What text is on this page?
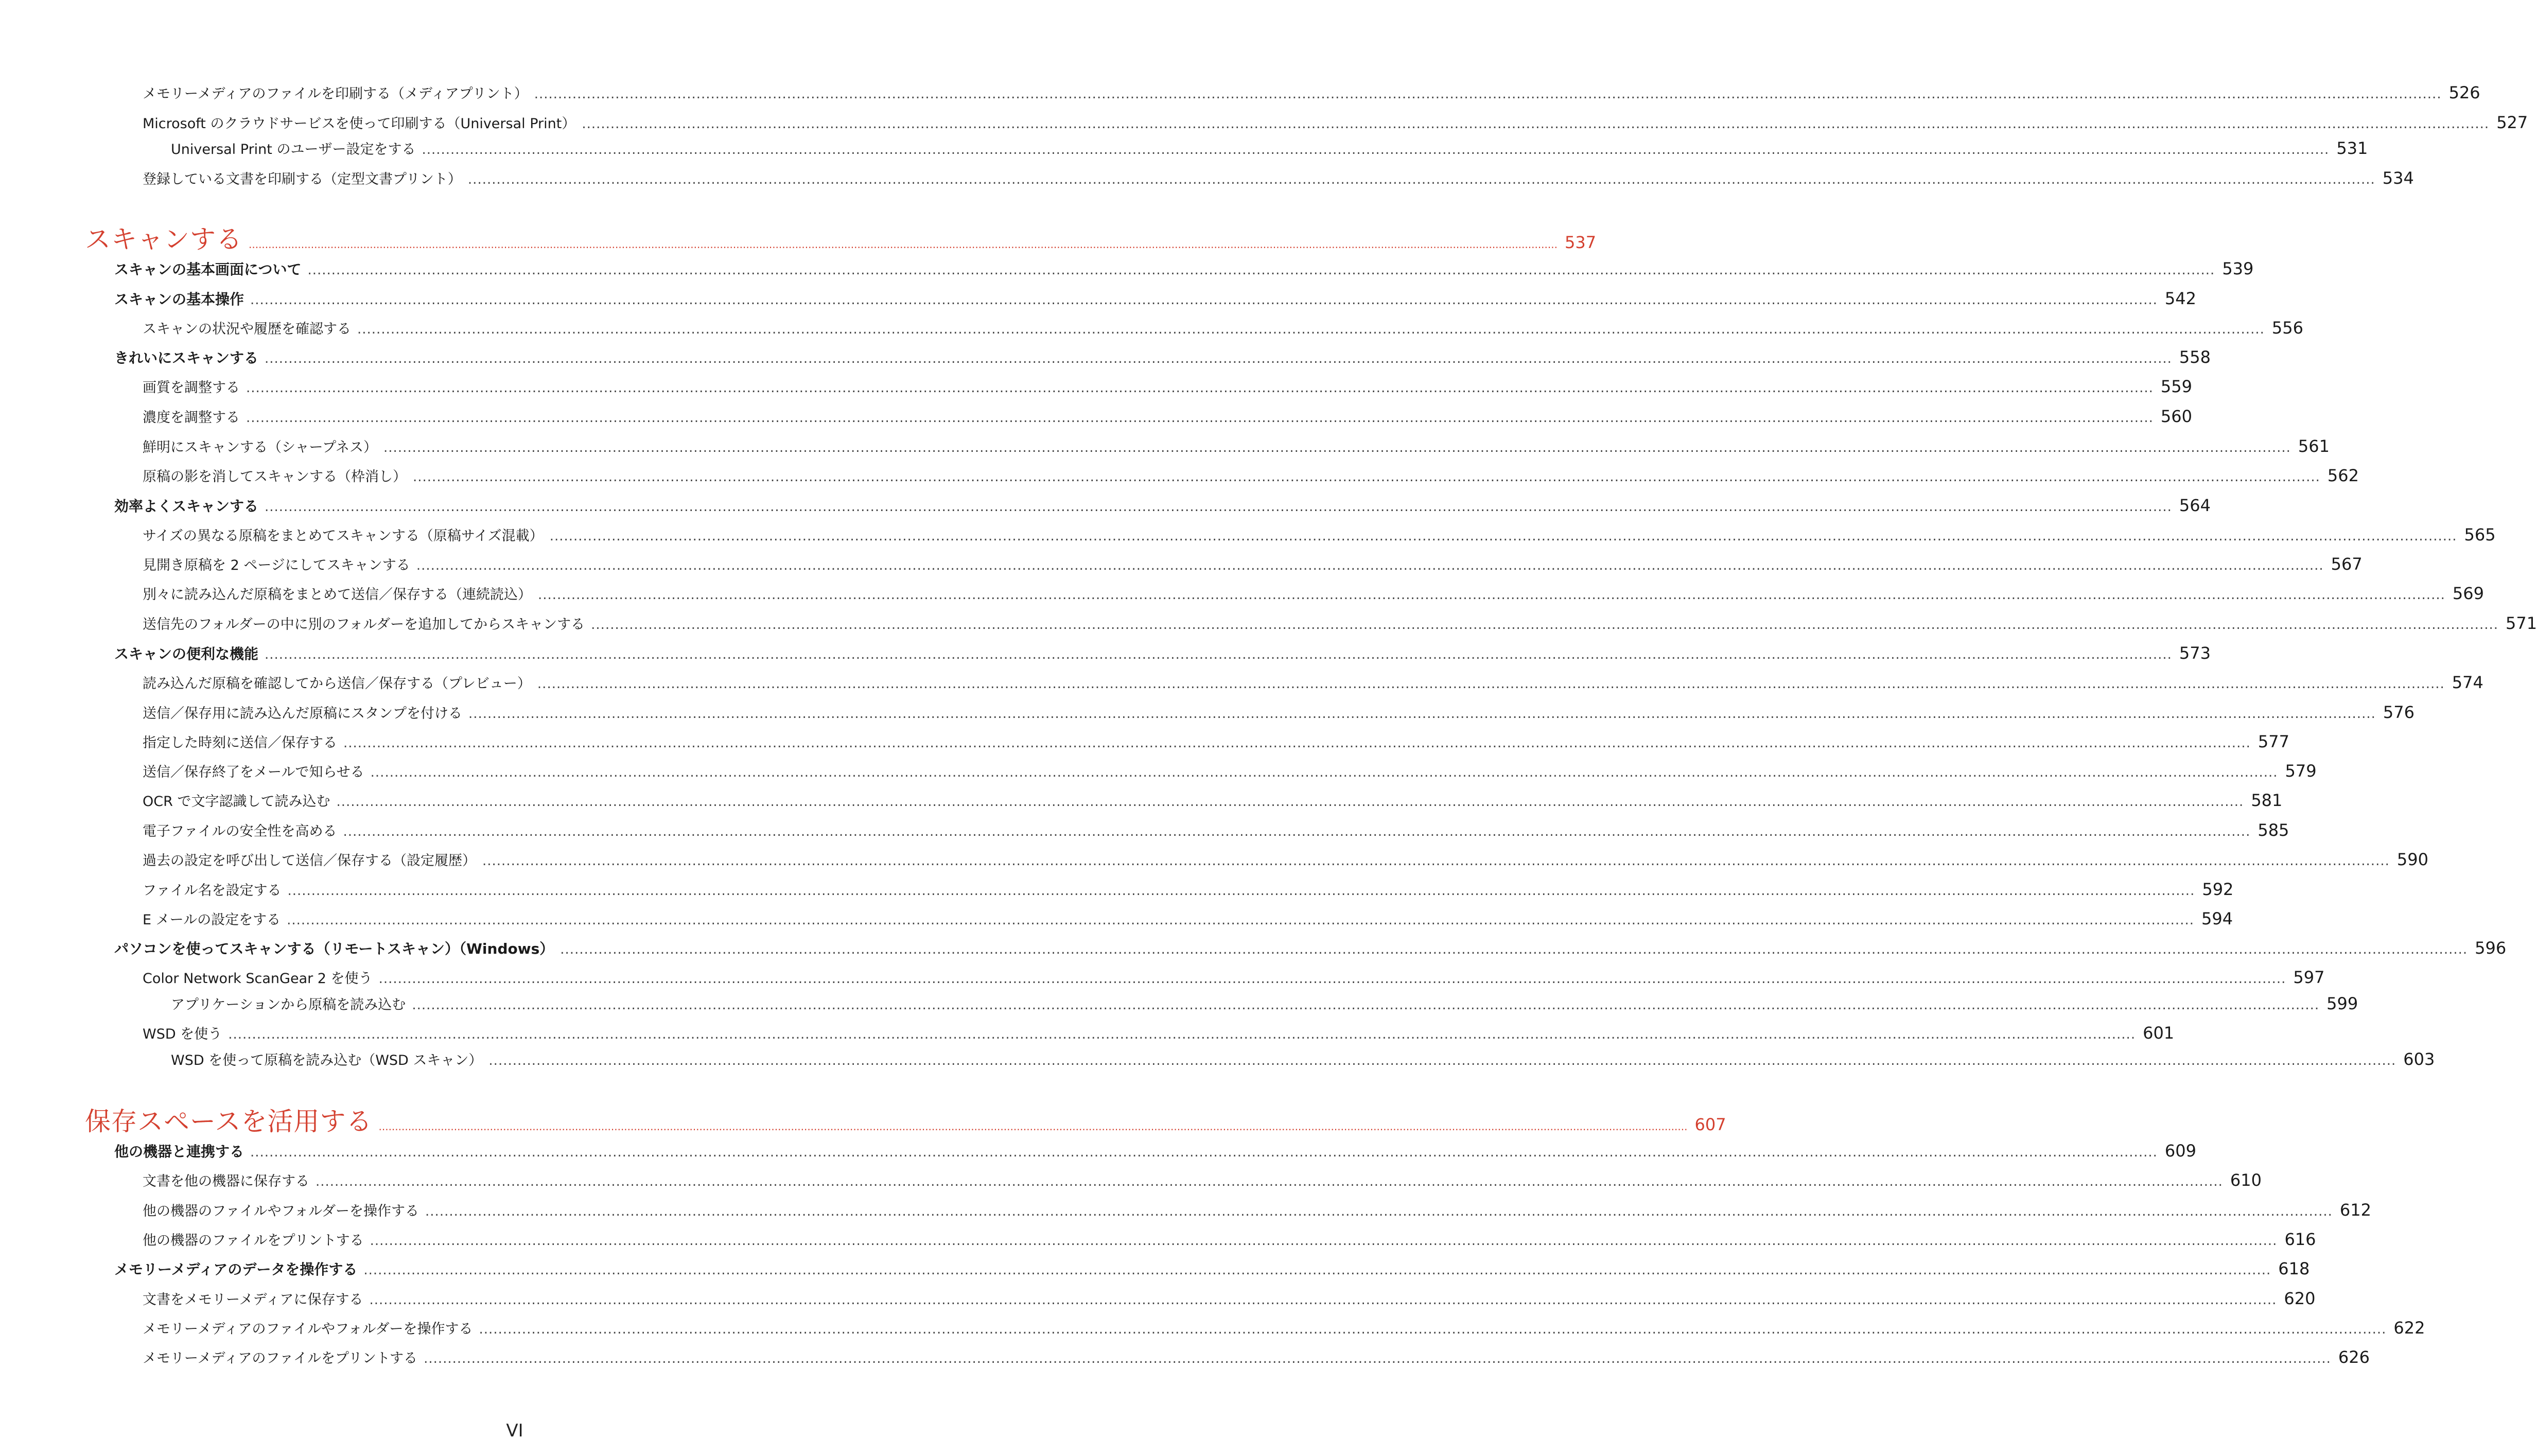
メモリーメディアのファイルを印刷する（メディアプリント） ................................................................................................................................................................................................................................................................................................................................................................................................................ 526
Microsoft のクラウドサービスを使って印刷する（Universal Print） ................................................................................................................................................................................................................................................................................................................................................................................................................ 527
Universal Print のユーザー設定をする ................................................................................................................................................................................................................................................................................................................................................................................................................ 531
登録している文書を印刷する（定型文書プリント） ................................................................................................................................................................................................................................................................................................................................................................................................................ 534
スキャンする ................................................................................................................................................................................................................................................................................................................................................................................................................ 537
スキャンの基本画面について ................................................................................................................................................................................................................................................................................................................................................................................................................ 539
スキャンの基本操作 ................................................................................................................................................................................................................................................................................................................................................................................................................ 542
スキャンの状況や履歴を確認する ................................................................................................................................................................................................................................................................................................................................................................................................................ 556
きれいにスキャンする ................................................................................................................................................................................................................................................................................................................................................................................................................ 558
画質を調整する ................................................................................................................................................................................................................................................................................................................................................................................................................ 559
濃度を調整する ................................................................................................................................................................................................................................................................................................................................................................................................................ 560
鮮明にスキャンする（シャープネス） ................................................................................................................................................................................................................................................................................................................................................................................................................ 561
原稿の影を消してスキャンする（枠消し） ................................................................................................................................................................................................................................................................................................................................................................................................................ 562
効率よくスキャンする ................................................................................................................................................................................................................................................................................................................................................................................................................ 564
サイズの異なる原稿をまとめてスキャンする（原稿サイズ混載） ................................................................................................................................................................................................................................................................................................................................................................................................................ 565
見開き原稿を 2 ページにしてスキャンする ................................................................................................................................................................................................................................................................................................................................................................................................................ 567
別々に読み込んだ原稿をまとめて送信／保存する（連続読込） ................................................................................................................................................................................................................................................................................................................................................................................................................ 569
送信先のフォルダーの中に別のフォルダーを追加してからスキャンする ................................................................................................................................................................................................................................................................................................................................................................................................................ 571
スキャンの便利な機能 ................................................................................................................................................................................................................................................................................................................................................................................................................ 573
読み込んだ原稿を確認してから送信／保存する（プレビュー） ................................................................................................................................................................................................................................................................................................................................................................................................................ 574
送信／保存用に読み込んだ原稿にスタンプを付ける ................................................................................................................................................................................................................................................................................................................................................................................................................ 576
指定した時刻に送信／保存する ................................................................................................................................................................................................................................................................................................................................................................................................................ 577
送信／保存終了をメールで知らせる ................................................................................................................................................................................................................................................................................................................................................................................................................ 579
OCR で文字認識して読み込む ................................................................................................................................................................................................................................................................................................................................................................................................................ 581
電子ファイルの安全性を高める ................................................................................................................................................................................................................................................................................................................................................................................................................ 585
過去の設定を呼び出して送信／保存する（設定履歴） ................................................................................................................................................................................................................................................................................................................................................................................................................ 590
ファイル名を設定する ................................................................................................................................................................................................................................................................................................................................................................................................................ 592
E メールの設定をする ................................................................................................................................................................................................................................................................................................................................................................................................................ 594
パソコンを使ってスキャンする（リモートスキャン）（Windows） ................................................................................................................................................................................................................................................................................................................................................................................................................ 596
Color Network ScanGear 2 を使う ................................................................................................................................................................................................................................................................................................................................................................................................................ 597
アプリケーションから原稿を読み込む ................................................................................................................................................................................................................................................................................................................................................................................................................ 599
WSD を使う ................................................................................................................................................................................................................................................................................................................................................................................................................ 601
WSD を使って原稿を読み込む（WSD スキャン） ................................................................................................................................................................................................................................................................................................................................................................................................................ 603
保存スペースを活用する ................................................................................................................................................................................................................................................................................................................................................................................................................ 607
他の機器と連携する ................................................................................................................................................................................................................................................................................................................................................................................................................ 609
文書を他の機器に保存する ................................................................................................................................................................................................................................................................................................................................................................................................................ 610
他の機器のファイルやフォルダーを操作する ................................................................................................................................................................................................................................................................................................................................................................................................................ 612
他の機器のファイルをプリントする ................................................................................................................................................................................................................................................................................................................................................................................................................ 616
メモリーメディアのデータを操作する ................................................................................................................................................................................................................................................................................................................................................................................................................ 618
文書をメモリーメディアに保存する ................................................................................................................................................................................................................................................................................................................................................................................................................ 620
メモリーメディアのファイルやフォルダーを操作する ................................................................................................................................................................................................................................................................................................................................................................................................................ 622
メモリーメディアのファイルをプリントする ................................................................................................................................................................................................................................................................................................................................................................................................................ 626
VI
